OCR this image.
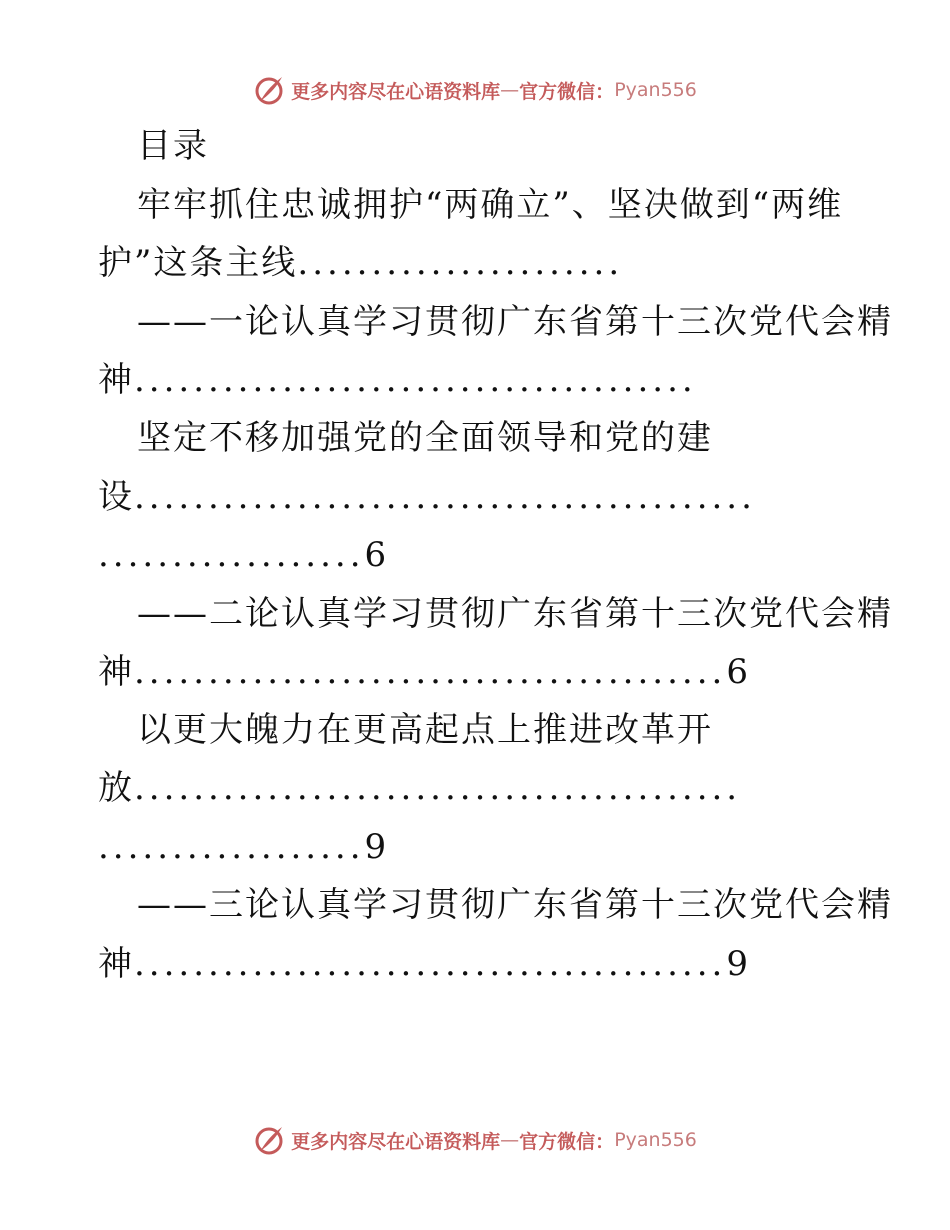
更多内容尽在心语资料库 — 官方微信： Pyan556
目录
牢牢抓住忠诚拥护“两确立”、坚决做到“两维
护”这条主线......................
——一论认真学习贯彻广东省第十三次党代会精
神......................................
坚定不移加强党的全面领导和党的建
设..........................................
..................6
——二论认真学习贯彻广东省第十三次党代会精
神........................................6
以更大魄力在更高起点上推进改革开
放.........................................
..................9
——三论认真学习贯彻广东省第十三次党代会精
神........................................9
更多内容尽在心语资料库 — 官方微信： Pyan556
